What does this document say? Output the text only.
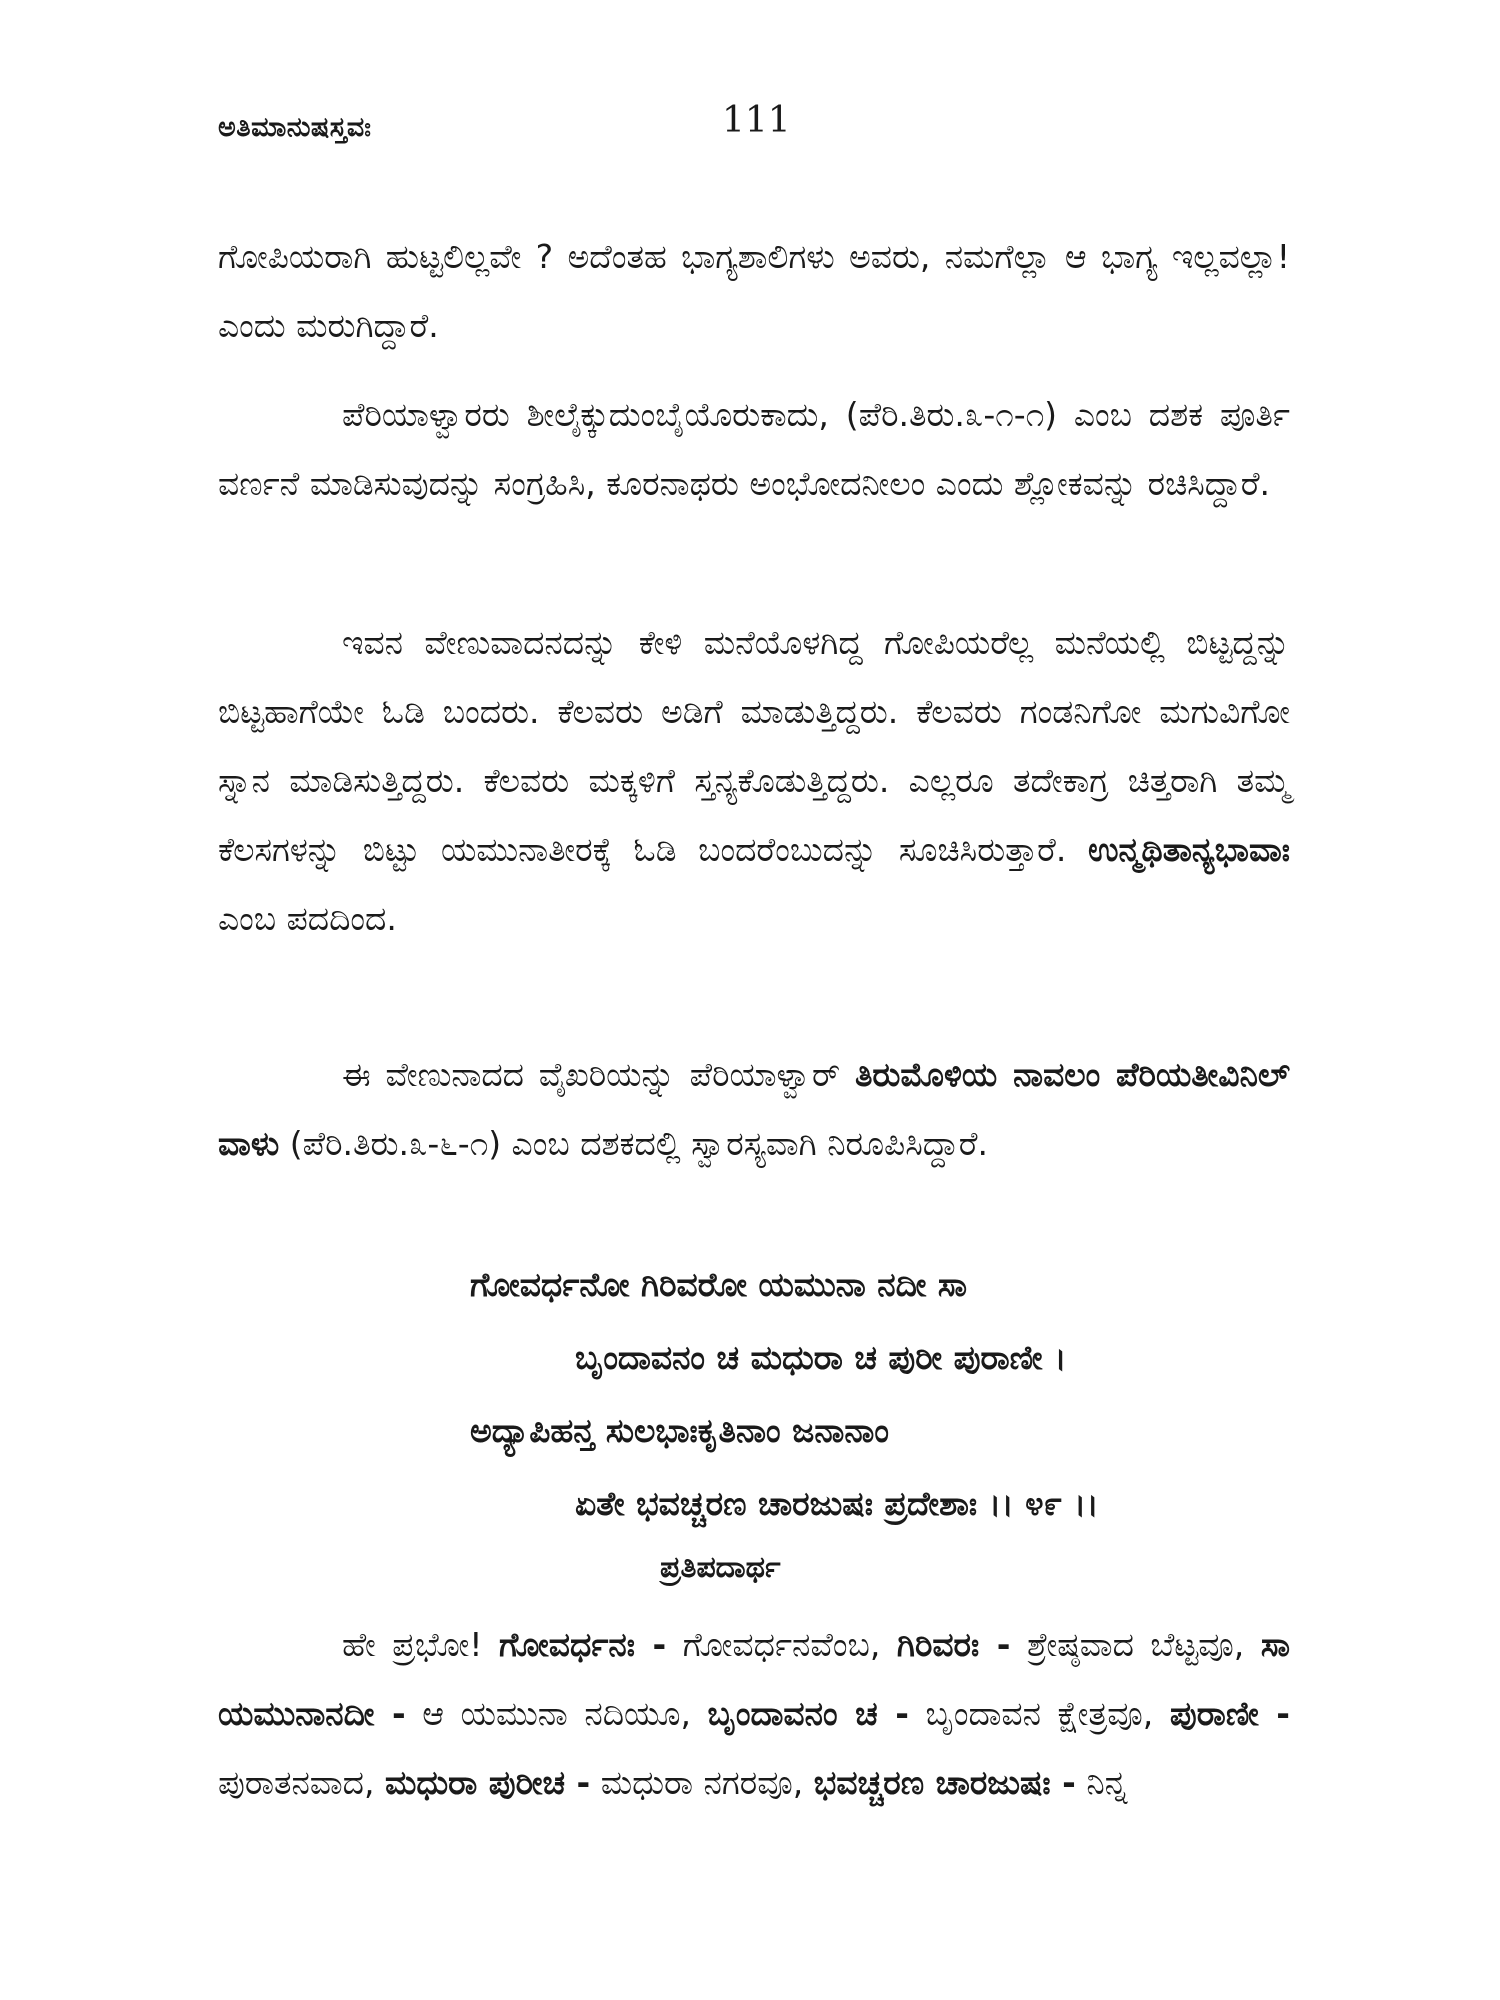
ಅತಿಮಾನುಷಸ್ತವಃ	111
ಗೋಪಿಯರಾಗಿ ಹುಟ್ಟಲಿಲ್ಲವೇ ? ಅದೆಂತಹ ಭಾಗ್ಯಶಾಲಿಗಳು ಅವರು, ನಮಗೆಲ್ಲಾ ಆ ಭಾಗ್ಯ ಇಲ್ಲವಲ್ಲಾ! ಎಂದು ಮರುಗಿದ್ದಾರೆ.
ಪೆರಿಯಾಳ್ವಾರರು ಶೀಲೈಕ್ಕುದುಂಬೈಯೊರುಕಾದು, (ಪೆರಿ.ತಿರು.೩-೧-೧) ಎಂಬ ದಶಕ ಪೂರ್ತಿ ವರ್ಣನೆ ಮಾಡಿಸುವುದನ್ನು ಸಂಗ್ರಹಿಸಿ, ಕೂರನಾಥರು ಅಂಭೋದನೀಲಂ ಎಂದು ಶ್ಲೋಕವನ್ನು ರಚಿಸಿದ್ದಾರೆ.
ಇವನ ವೇಣುವಾದನದನ್ನು ಕೇಳಿ ಮನೆಯೊಳಗಿದ್ದ ಗೋಪಿಯರೆಲ್ಲ ಮನೆಯಲ್ಲಿ ಬಿಟ್ಟದ್ದನ್ನು ಬಿಟ್ಟಹಾಗೆಯೇ ಓಡಿ ಬಂದರು. ಕೆಲವರು ಅಡಿಗೆ ಮಾಡುತ್ತಿದ್ದರು. ಕೆಲವರು ಗಂಡನಿಗೋ ಮಗುವಿಗೋ ಸ್ನಾನ ಮಾಡಿಸುತ್ತಿದ್ದರು. ಕೆಲವರು ಮಕ್ಕಳಿಗೆ ಸ್ತನ್ಯಕೊಡುತ್ತಿದ್ದರು. ಎಲ್ಲರೂ ತದೇಕಾಗ್ರ ಚಿತ್ತರಾಗಿ ತಮ್ಮ ಕೆಲಸಗಳನ್ನು ಬಿಟ್ಟು ಯಮುನಾತೀರಕ್ಕೆ ಓಡಿ ಬಂದರೆಂಬುದನ್ನು ಸೂಚಿಸಿರುತ್ತಾರೆ. ಉನ್ಮಥಿತಾನ್ಯಭಾವಾಃ ಎಂಬ ಪದದಿಂದ.
ಈ ವೇಣುನಾದದ ವೈಖರಿಯನ್ನು ಪೆರಿಯಾಳ್ವಾರ್ ತಿರುಮೊಳಿಯ ನಾವಲಂ ಪೆರಿಯತೀವಿನಿಲ್ ವಾಳು (ಪೆರಿ.ತಿರು.೩-೬-೧) ಎಂಬ ದಶಕದಲ್ಲಿ ಸ್ವಾರಸ್ಯವಾಗಿ ನಿರೂಪಿಸಿದ್ದಾರೆ.
ಗೋವರ್ಧನೋ ಗಿರಿವರೋ ಯಮುನಾ ನದೀ ಸಾ
ಬೃಂದಾವನಂ ಚ ಮಧುರಾ ಚ ಪುರೀ ಪುರಾಣೀ ।
ಅದ್ಯಾಪಿಹನ್ತ ಸುಲಭಾಃಕೃತಿನಾಂ ಜನಾನಾಂ
ಏತೇ ಭವಚ್ಚರಣ ಚಾರಜುಷಃ ಪ್ರದೇಶಾಃ ।। ೪೯ ।।
ಪ್ರತಿಪದಾರ್ಥ
ಹೇ ಪ್ರಭೋ! ಗೋವರ್ಧನಃ - ಗೋವರ್ಧನವೆಂಬ, ಗಿರಿವರಃ - ಶ್ರೇಷ್ಠವಾದ ಬೆಟ್ಟವೂ, ಸಾ ಯಮುನಾನದೀ - ಆ ಯಮುನಾ ನದಿಯೂ, ಬೃಂದಾವನಂ ಚ - ಬೃಂದಾವನ ಕ್ಷೇತ್ರವೂ, ಪುರಾಣೀ - ಪುರಾತನವಾದ, ಮಧುರಾ ಪುರೀಚ - ಮಧುರಾ ನಗರವೂ, ಭವಚ್ಚರಣ ಚಾರಜುಷಃ - ನಿನ್ನ
